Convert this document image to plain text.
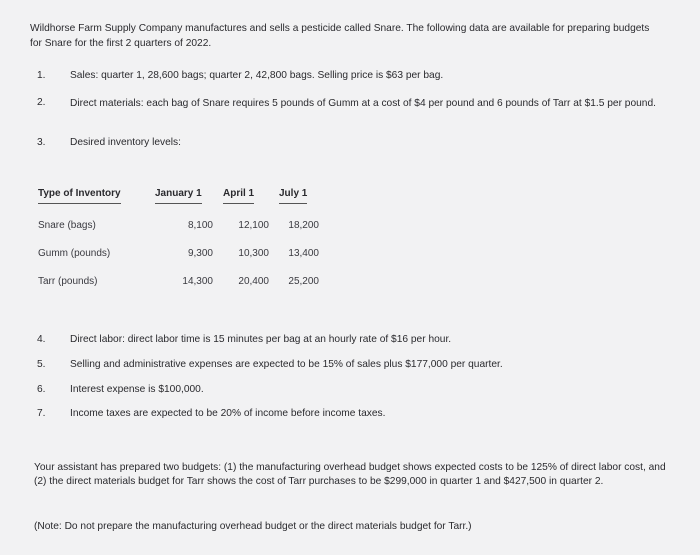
Wildhorse Farm Supply Company manufactures and sells a pesticide called Snare. The following data are available for preparing budgets for Snare for the first 2 quarters of 2022.
1.	Sales: quarter 1, 28,600 bags; quarter 2, 42,800 bags. Selling price is $63 per bag.
2.	Direct materials: each bag of Snare requires 5 pounds of Gumm at a cost of $4 per pound and 6 pounds of Tarr at $1.5 per pound.
3.	Desired inventory levels:
Type of Inventory	January 1	April 1	July 1
Snare (bags)	8,100	12,100	18,200
Gumm (pounds)	9,300	10,300	13,400
Tarr (pounds)	14,300	20,400	25,200
4.	Direct labor: direct labor time is 15 minutes per bag at an hourly rate of $16 per hour.
5.	Selling and administrative expenses are expected to be 15% of sales plus $177,000 per quarter.
6.	Interest expense is $100,000.
7.	Income taxes are expected to be 20% of income before income taxes.
Your assistant has prepared two budgets: (1) the manufacturing overhead budget shows expected costs to be 125% of direct labor cost, and (2) the direct materials budget for Tarr shows the cost of Tarr purchases to be $299,000 in quarter 1 and $427,500 in quarter 2.
(Note: Do not prepare the manufacturing overhead budget or the direct materials budget for Tarr.)
